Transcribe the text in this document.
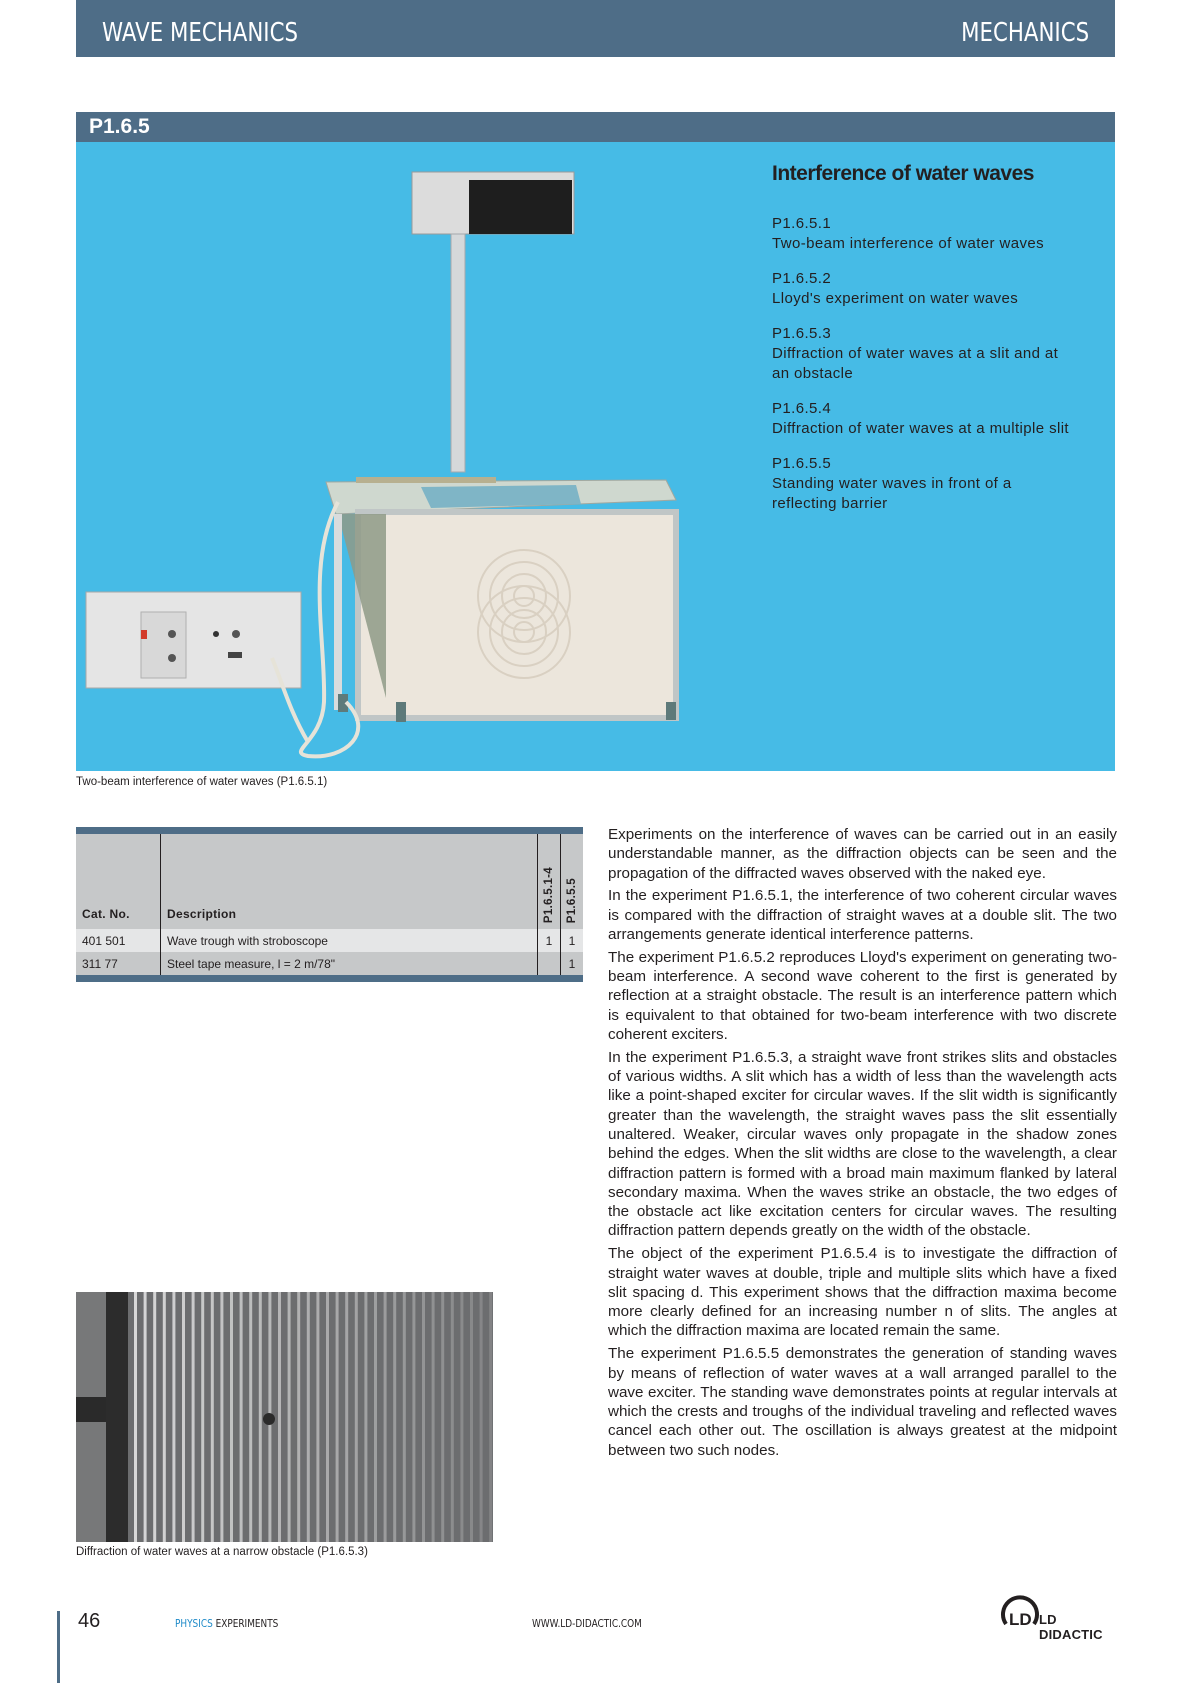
WAVE MECHANICS	MECHANICS
P1.6.5
Interference of water waves
P1.6.5.1
Two-beam interference of water waves
P1.6.5.2
Lloyd's experiment on water waves
P1.6.5.3
Diffraction of water waves at a slit and at an obstacle
P1.6.5.4
Diffraction of water waves at a multiple slit
P1.6.5.5
Standing water waves in front of a reflecting barrier
Two-beam interference of water waves (P1.6.5.1)
Cat. No.	Description	P1.6.5.1-4	P1.6.5.5

401 501	Wave trough with stroboscope	1	1
311 77	Steel tape measure, l = 2 m/78"		1

Experiments on the interference of waves can be carried out in an easily understandable manner, as the diffraction objects can be seen and the propagation of the diffracted waves observed with the naked eye.

In the experiment P1.6.5.1, the interference of two coherent circular waves is compared with the diffraction of straight waves at a double slit. The two arrangements generate identical interference patterns.

The experiment P1.6.5.2 reproduces Lloyd's experiment on generating two-beam interference. A second wave coherent to the first is generated by reflection at a straight obstacle. The result is an interference pattern which is equivalent to that obtained for two-beam interference with two discrete coherent exciters.

In the experiment P1.6.5.3, a straight wave front strikes slits and obstacles of various widths. A slit which has a width of less than the wavelength acts like a point-shaped exciter for circular waves. If the slit width is significantly greater than the wavelength, the straight waves pass the slit essentially unaltered. Weaker, circular waves only propagate in the shadow zones behind the edges. When the slit widths are close to the wavelength, a clear diffraction pattern is formed with a broad main maximum flanked by lateral secondary maxima. When the waves strike an obstacle, the two edges of the obstacle act like excitation centers for circular waves. The resulting diffraction pattern depends greatly on the width of the obstacle.

The object of the experiment P1.6.5.4 is to investigate the diffraction of straight water waves at double, triple and multiple slits which have a fixed slit spacing d. This experiment shows that the diffraction maxima become more clearly defined for an increasing number n of slits. The angles at which the diffraction maxima are located remain the same.

The experiment P1.6.5.5 demonstrates the generation of standing waves by means of reflection of water waves at a wall arranged parallel to the wave exciter. The standing wave demonstrates points at regular intervals at which the crests and troughs of the individual traveling and reflected waves cancel each other out. The oscillation is always greatest at the midpoint between two such nodes.

Diffraction of water waves at a narrow obstacle (P1.6.5.3)
46	PHYSICS EXPERIMENTS	WWW.LD-DIDACTIC.COM	LD LD DIDACTIC
